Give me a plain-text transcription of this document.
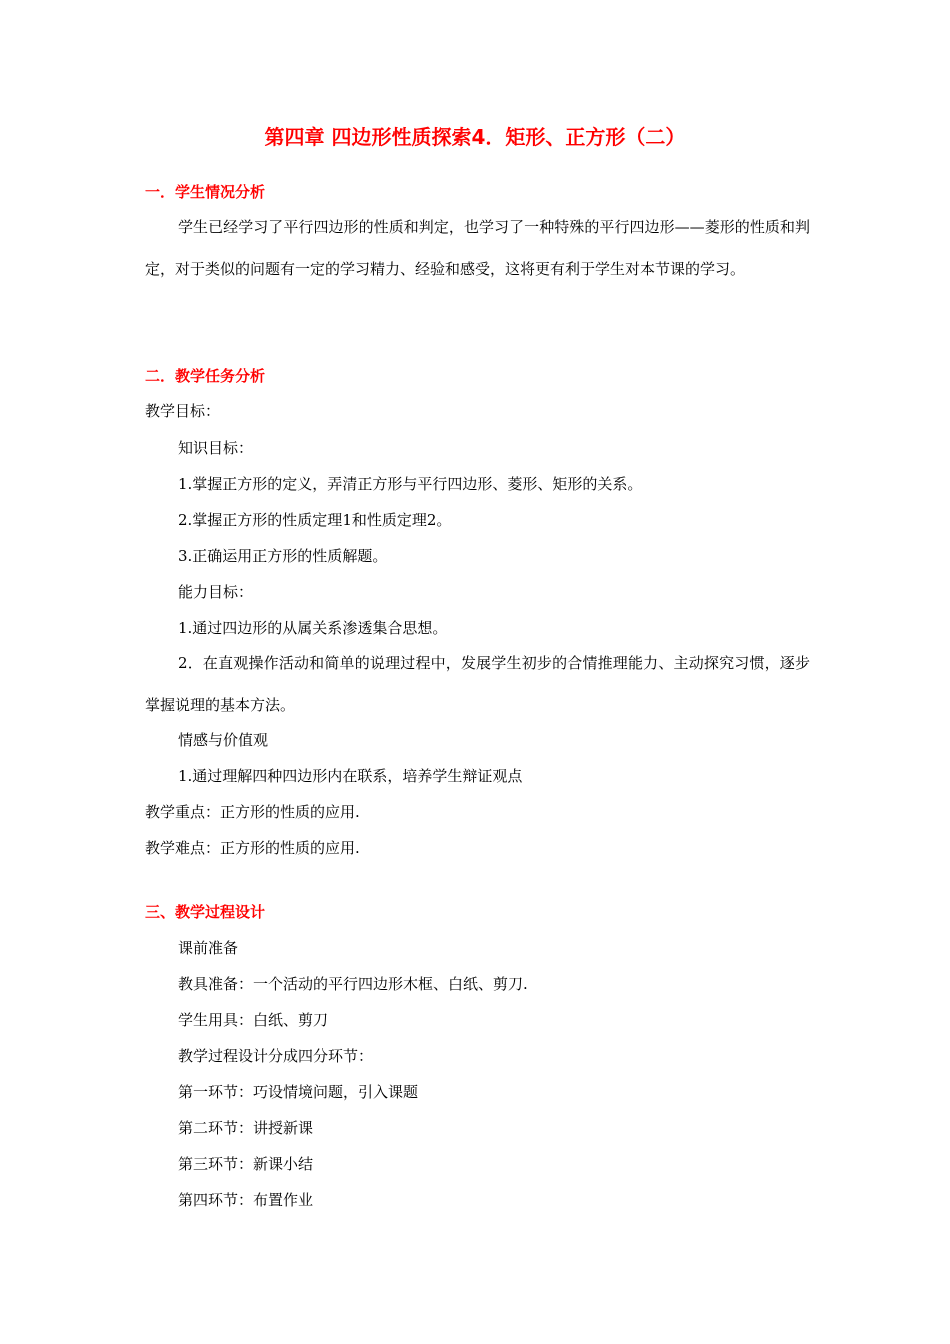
第四章 四边形性质探索4．矩形、正方形（二）
一．学生情况分析
学生已经学习了平行四边形的性质和判定，也学习了一种特殊的平行四边形——菱形的性质和判定，对于类似的问题有一定的学习精力、经验和感受，这将更有利于学生对本节课的学习。
二．教学任务分析
教学目标：
知识目标：
1.掌握正方形的定义，弄清正方形与平行四边形、菱形、矩形的关系。
2.掌握正方形的性质定理1和性质定理2。
3.正确运用正方形的性质解题。
能力目标：
1.通过四边形的从属关系渗透集合思想。
2．在直观操作活动和简单的说理过程中，发展学生初步的合情推理能力、主动探究习惯，逐步掌握说理的基本方法。
情感与价值观
1.通过理解四种四边形内在联系，培养学生辩证观点
教学重点：正方形的性质的应用.
教学难点：正方形的性质的应用.
三、教学过程设计
课前准备
教具准备：一个活动的平行四边形木框、白纸、剪刀.
学生用具：白纸、剪刀
教学过程设计分成四分环节：
第一环节：巧设情境问题，引入课题
第二环节：讲授新课
第三环节：新课小结
第四环节：布置作业
